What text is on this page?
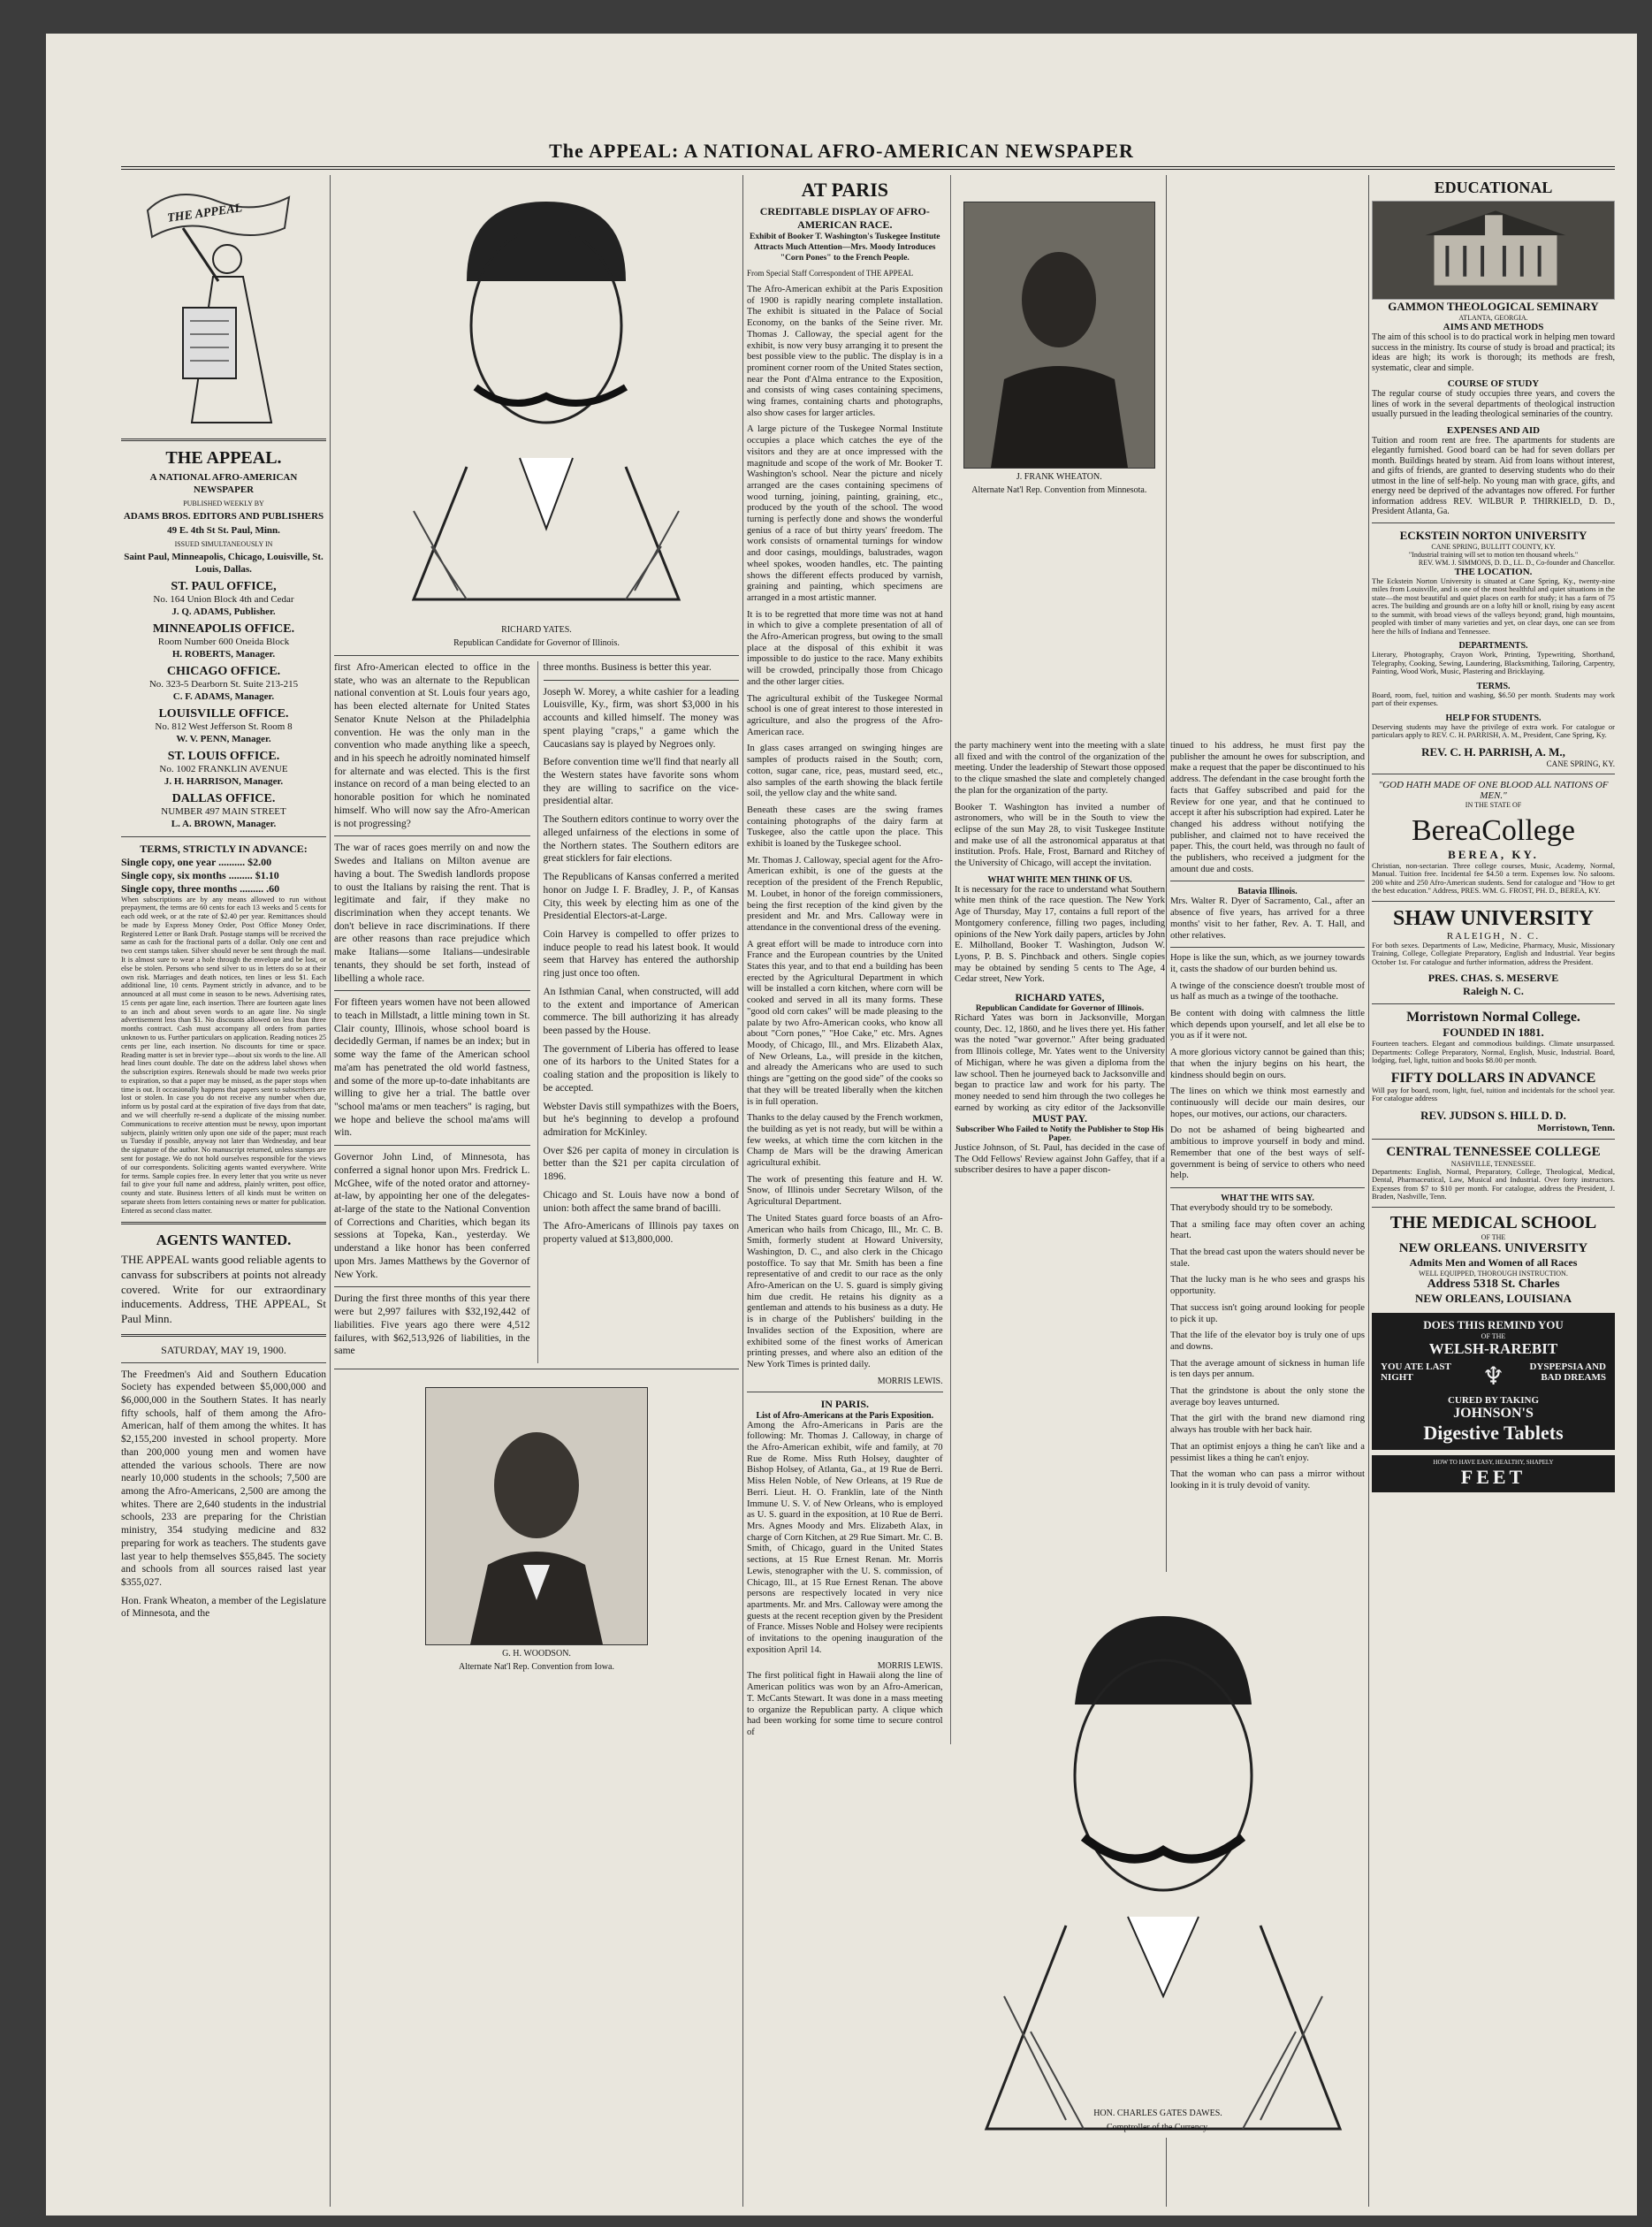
The APPEAL: A NATIONAL AFRO-AMERICAN NEWSPAPER
THE APPEAL
THE APPEAL.
A NATIONAL AFRO-AMERICAN NEWSPAPER
PUBLISHED WEEKLY BY
ADAMS BROS. EDITORS AND PUBLISHERS
49 E. 4th St St. Paul, Minn.
ISSUED SIMULTANEOUSLY IN
Saint Paul, Minneapolis, Chicago, Louisville, St. Louis, Dallas.
ST. PAUL OFFICE,
No. 164 Union Block 4th and Cedar
J. Q. ADAMS, Publisher.
MINNEAPOLIS OFFICE.
Room Number 600 Oneida Block
H. ROBERTS, Manager.
CHICAGO OFFICE.
No. 323-5 Dearborn St. Suite 213-215
C. F. ADAMS, Manager.
LOUISVILLE OFFICE.
No. 812 West Jefferson St. Room 8
W. V. PENN, Manager.
ST. LOUIS OFFICE.
No. 1002 FRANKLIN AVENUE
J. H. HARRISON, Manager.
DALLAS OFFICE.
NUMBER 497 MAIN STREET
L. A. BROWN, Manager.
TERMS, STRICTLY IN ADVANCE:
Single copy, one year .......... $2.00
Single copy, six months ......... $1.10
Single copy, three months ......... .60

When subscriptions are by any means allowed to run without prepayment, the terms are 60 cents for each 13 weeks and 5 cents for each odd week, or at the rate of $2.40 per year. Remittances should be made by Express Money Order, Post Office Money Order, Registered Letter or Bank Draft. Postage stamps will be received the same as cash for the fractional parts of a dollar. Only one cent and two cent stamps taken. Silver should never be sent through the mail. It is almost sure to wear a hole through the envelope and be lost, or else be stolen. Persons who send silver to us in letters do so at their own risk. Marriages and death notices, ten lines or less $1. Each additional line, 10 cents. Payment strictly in advance, and to be announced at all must come in season to be news. Advertising rates, 15 cents per agate line, each insertion. There are fourteen agate lines to an inch and about seven words to an agate line. No single advertisement less than $1. No discounts allowed on less than three months contract. Cash must accompany all orders from parties unknown to us. Further particulars on application. Reading notices 25 cents per line, each insertion. No discounts for time or space. Reading matter is set in brevier type—about six words to the line. All head lines count double. The date on the address label shows when the subscription expires. Renewals should be made two weeks prior to expiration, so that a paper may be missed, as the paper stops when time is out. It occasionally happens that papers sent to subscribers are lost or stolen. In case you do not receive any number when due, inform us by postal card at the expiration of five days from that date, and we will cheerfully re-send a duplicate of the missing number. Communications to receive attention must be newsy, upon important subjects, plainly written only upon one side of the paper; must reach us Tuesday if possible, anyway not later than Wednesday, and bear the signature of the author. No manuscript returned, unless stamps are sent for postage. We do not hold ourselves responsible for the views of our correspondents. Soliciting agents wanted everywhere. Write for terms. Sample copies free. In every letter that you write us never fail to give your full name and address, plainly written, post office, county and state. Business letters of all kinds must be written on separate sheets from letters containing news or matter for publication. Entered as second class matter.

AGENTS WANTED.

THE APPEAL wants good reliable agents to canvass for subscribers at points not already covered. Write for our extraordinary inducements. Address, THE APPEAL, St Paul Minn.

SATURDAY, MAY 19, 1900.

The Freedmen's Aid and Southern Education Society has expended between $5,000,000 and $6,000,000 in the Southern States. It has nearly fifty schools, half of them among the Afro-American, half of them among the whites. It has $2,155,200 invested in school property. More than 200,000 young men and women have attended the various schools. There are now nearly 10,000 students in the schools; 7,500 are among the Afro-Americans, 2,500 are among the whites. There are 2,640 students in the industrial schools, 233 are preparing for the Christian ministry, 354 studying medicine and 832 preparing for work as teachers. The students gave last year to help themselves $55,845. The society and schools from all sources raised last year $355,027.

Hon. Frank Wheaton, a member of the Legislature of Minnesota, and the

RICHARD YATES.
Republican Candidate for Governor of Illinois.

first Afro-American elected to office in the state, who was an alternate to the Republican national convention at St. Louis four years ago, has been elected alternate for United States Senator Knute Nelson at the Philadelphia convention. He was the only man in the convention who made anything like a speech, and in his speech he adroitly nominated himself for alternate and was elected. This is the first instance on record of a man being elected to an honorable position for which he nominated himself. Who will now say the Afro-American is not progressing?

The war of races goes merrily on and now the Swedes and Italians on Milton avenue are having a bout. The Swedish landlords propose to oust the Italians by raising the rent. That is legitimate and fair, if they make no discrimination when they accept tenants. We don't believe in race discriminations. If there are other reasons than race prejudice which make Italians—some Italians—undesirable tenants, they should be set forth, instead of libelling a whole race.

For fifteen years women have not been allowed to teach in Millstadt, a little mining town in St. Clair county, Illinois, whose school board is decidedly German, if names be an index; but in some way the fame of the American school ma'am has penetrated the old world fastness, and some of the more up-to-date inhabitants are willing to give her a trial. The battle over "school ma'ams or men teachers" is raging, but we hope and believe the school ma'ams will win.

Governor John Lind, of Minnesota, has conferred a signal honor upon Mrs. Fredrick L. McGhee, wife of the noted orator and attorney-at-law, by appointing her one of the delegates-at-large of the state to the National Convention of Corrections and Charities, which began its sessions at Topeka, Kan., yesterday. We understand a like honor has been conferred upon Mrs. James Matthews by the Governor of New York.

During the first three months of this year there were but 2,997 failures with $32,192,442 of liabilities. Five years ago there were 4,512 failures, with $62,513,926 of liabilities, in the same

three months. Business is better this year.

Joseph W. Morey, a white cashier for a leading Louisville, Ky., firm, was short $3,000 in his accounts and killed himself. The money was spent playing "craps," a game which the Caucasians say is played by Negroes only.

Before convention time we'll find that nearly all the Western states have favorite sons whom they are willing to sacrifice on the vice-presidential altar.

The Southern editors continue to worry over the alleged unfairness of the elections in some of the Northern states. The Southern editors are great sticklers for fair elections.

The Republicans of Kansas conferred a merited honor on Judge I. F. Bradley, J. P., of Kansas City, this week by electing him as one of the Presidential Electors-at-Large.

Coin Harvey is compelled to offer prizes to induce people to read his latest book. It would seem that Harvey has entered the authorship ring just once too often.

An Isthmian Canal, when constructed, will add to the extent and importance of American commerce. The bill authorizing it has already been passed by the House.

The government of Liberia has offered to lease one of its harbors to the United States for a coaling station and the proposition is likely to be accepted.

Webster Davis still sympathizes with the Boers, but he's beginning to develop a profound admiration for McKinley.

Over $26 per capita of money in circulation is better than the $21 per capita circulation of 1896.

Chicago and St. Louis have now a bond of union: both affect the same brand of bacilli.

The Afro-Americans of Illinois pay taxes on property valued at $13,800,000.

G. H. WOODSON.
Alternate Nat'l Rep. Convention from Iowa.
AT PARIS
CREDITABLE DISPLAY OF AFRO-AMERICAN RACE.

Exhibit of Booker T. Washington's Tuskegee Institute Attracts Much Attention—Mrs. Moody Introduces "Corn Pones" to the French People.

From Special Staff Correspondent of THE APPEAL

The Afro-American exhibit at the Paris Exposition of 1900 is rapidly nearing complete installation. The exhibit is situated in the Palace of Social Economy, on the banks of the Seine river. Mr. Thomas J. Calloway, the special agent for the exhibit, is now very busy arranging it to present the best possible view to the public. The display is in a prominent corner room of the United States section, near the Pont d'Alma entrance to the Exposition, and consists of wing cases containing specimens, wing frames, containing charts and photographs, also show cases for larger articles.

A large picture of the Tuskegee Normal Institute occupies a place which catches the eye of the visitors and they are at once impressed with the magnitude and scope of the work of Mr. Booker T. Washington's school. Near the picture and nicely arranged are the cases containing specimens of wood turning, joining, painting, graining, etc., produced by the youth of the school. The wood turning is perfectly done and shows the wonderful genius of a race of but thirty years' freedom. The work consists of ornamental turnings for window and door casings, mouldings, balustrades, wagon wheel spokes, wooden handles, etc. The painting shows the different effects produced by varnish, graining and painting, which specimens are arranged in a most artistic manner.

It is to be regretted that more time was not at hand in which to give a complete presentation of all of the Afro-American progress, but owing to the small place at the disposal of this exhibit it was impossible to do justice to the race. Many exhibits will be crowded, principally those from Chicago and the other larger cities.

The agricultural exhibit of the Tuskegee Normal school is one of great interest to those interested in agriculture, and also the progress of the Afro-American race.

In glass cases arranged on swinging hinges are samples of products raised in the South; corn, cotton, sugar cane, rice, peas, mustard seed, etc., also samples of the earth showing the black fertile soil, the yellow clay and the white sand.

Beneath these cases are the swing frames containing photographs of the dairy farm at Tuskegee, also the cattle upon the place. This exhibit is loaned by the Tuskegee school.

Mr. Thomas J. Calloway, special agent for the Afro-American exhibit, is one of the guests at the reception of the president of the French Republic, M. Loubet, in honor of the foreign commissioners, being the first reception of the kind given by the president and Mr. and Mrs. Calloway were in attendance in the conventional dress of the evening.

A great effort will be made to introduce corn into France and the European countries by the United States this year, and to that end a building has been erected by the Agricultural Department in which will be installed a corn kitchen, where corn will be cooked and served in all its many forms. These "good old corn cakes" will be made pleasing to the palate by two Afro-American cooks, who know all about "Corn pones," "Hoe Cake," etc. Mrs. Agnes Moody, of Chicago, Ill., and Mrs. Elizabeth Alax, of New Orleans, La., will preside in the kitchen, and already the Americans who are used to such things are "getting on the good side" of the cooks so that they will be treated liberally when the kitchen is in full operation.

Thanks to the delay caused by the French workmen, the building as yet is not ready, but will be within a few weeks, at which time the corn kitchen in the Champ de Mars will be the drawing American agricultural exhibit.

The work of presenting this feature and H. W. Snow, of Illinois under Secretary Wilson, of the Agricultural Department.

The United States guard force boasts of an Afro-American who hails from Chicago, Ill., Mr. C. B. Smith, formerly student at Howard University, Washington, D. C., and also clerk in the Chicago postoffice. To say that Mr. Smith has been a fine representative of and credit to our race as the only Afro-American on the U. S. guard is simply giving him due credit. He retains his dignity as a gentleman and attends to his business as a duty. He is in charge of the Publishers' building in the Invalides section of the Exposition, where are exhibited some of the finest works of American printing presses, and where also an edition of the New York Times is printed daily.

MORRIS LEWIS.
IN PARIS.
List of Afro-Americans at the Paris Exposition.

Among the Afro-Americans in Paris are the following: Mr. Thomas J. Calloway, in charge of the Afro-American exhibit, wife and family, at 70 Rue de Rome. Miss Ruth Holsey, daughter of Bishop Holsey, of Atlanta, Ga., at 19 Rue de Berri. Miss Helen Noble, of New Orleans, at 19 Rue de Berri. Lieut. H. O. Franklin, late of the Ninth Immune U. S. V. of New Orleans, who is employed as U. S. guard in the exposition, at 10 Rue de Berri. Mrs. Agnes Moody and Mrs. Elizabeth Alax, in charge of Corn Kitchen, at 29 Rue Simart. Mr. C. B. Smith, of Chicago, guard in the United States sections, at 15 Rue Ernest Renan. Mr. Morris Lewis, stenographer with the U. S. commission, of Chicago, Ill., at 15 Rue Ernest Renan. The above persons are respectively located in very nice apartments. Mr. and Mrs. Calloway were among the guests at the recent reception given by the President of France. Misses Noble and Holsey were recipients of invitations to the opening inauguration of the exposition April 14.

MORRIS LEWIS.

The first political fight in Hawaii along the line of American politics was won by an Afro-American, T. McCants Stewart. It was done in a mass meeting to organize the Republican party. A clique which had been working for some time to secure control of

J. FRANK WHEATON.
Alternate Nat'l Rep. Convention from Minnesota.

the party machinery went into the meeting with a slate all fixed and with the control of the organization of the meeting. Under the leadership of Stewart those opposed to the clique smashed the slate and completely changed the plan for the organization of the party.

Booker T. Washington has invited a number of astronomers, who will be in the South to view the eclipse of the sun May 28, to visit Tuskegee Institute and make use of all the astronomical apparatus at that institution. Profs. Hale, Frost, Barnard and Ritchey of the University of Chicago, will accept the invitation.

WHAT WHITE MEN THINK OF US.

It is necessary for the race to understand what Southern white men think of the race question. The New York Age of Thursday, May 17, contains a full report of the Montgomery conference, filling two pages, including opinions of the New York daily papers, articles by John E. Milholland, Booker T. Washington, Judson W. Lyons, P. B. S. Pinchback and others. Single copies may be obtained by sending 5 cents to The Age, 4 Cedar street, New York.

RICHARD YATES,
Republican Candidate for Governor of Illinois.

Richard Yates was born in Jacksonville, Morgan county, Dec. 12, 1860, and he lives there yet. His father was the noted "war governor." After being graduated from Illinois college, Mr. Yates went to the University of Michigan, where he was given a diploma from the law school. Then he journeyed back to Jacksonville and began to practice law and work for his party. The money needed to send him through the two colleges he earned by working as city editor of the Jacksonville

MUST PAY.
Subscriber Who Failed to Notify the Publisher to Stop His Paper.

Justice Johnson, of St. Paul, has decided in the case of The Odd Fellows' Review against John Gaffey, that if a subscriber desires to have a paper discon-

tinued to his address, he must first pay the publisher the amount he owes for subscription, and make a request that the paper be discontinued to his address. The defendant in the case brought forth the facts that Gaffey subscribed and paid for the Review for one year, and that he continued to accept it after his subscription had expired. Later he changed his address without notifying the publisher, and claimed not to have received the paper. This, the court held, was through no fault of the publishers, who received a judgment for the amount due and costs.

Batavia Illinois.

Mrs. Walter R. Dyer of Sacramento, Cal., after an absence of five years, has arrived for a three months' visit to her father, Rev. A. T. Hall, and other relatives.

Hope is like the sun, which, as we journey towards it, casts the shadow of our burden behind us.

A twinge of the conscience doesn't trouble most of us half as much as a twinge of the toothache.

Be content with doing with calmness the little which depends upon yourself, and let all else be to you as if it were not.

A more glorious victory cannot be gained than this; that when the injury begins on his heart, the kindness should begin on ours.

The lines on which we think most earnestly and continuously will decide our main desires, our hopes, our motives, our actions, our characters.

Do not be ashamed of being bighearted and ambitious to improve yourself in body and mind. Remember that one of the best ways of self-government is being of service to others who need help.

WHAT THE WITS SAY.

That everybody should try to be somebody.

That a smiling face may often cover an aching heart.

That the bread cast upon the waters should never be stale.

That the lucky man is he who sees and grasps his opportunity.

That success isn't going around looking for people to pick it up.

That the life of the elevator boy is truly one of ups and downs.

That the average amount of sickness in human life is ten days per annum.

That the grindstone is about the only stone the average boy leaves unturned.

That the girl with the brand new diamond ring always has trouble with her back hair.

That an optimist enjoys a thing he can't like and a pessimist likes a thing he can't enjoy.

That the woman who can pass a mirror without looking in it is truly devoid of vanity.

HON. CHARLES GATES DAWES.
Comptroller of the Currency.
EDUCATIONAL
GAMMON THEOLOGICAL SEMINARY
ATLANTA, GEORGIA.
AIMS AND METHODS

The aim of this school is to do practical work in helping men toward success in the ministry. Its course of study is broad and practical; its ideas are high; its work is thorough; its methods are fresh, systematic, clear and simple.

COURSE OF STUDY

The regular course of study occupies three years, and covers the lines of work in the several departments of theological instruction usually pursued in the leading theological seminaries of the country.

EXPENSES AND AID

Tuition and room rent are free. The apartments for students are elegantly furnished. Good board can be had for seven dollars per month. Buildings heated by steam. Aid from loans without interest, and gifts of friends, are granted to deserving students who do their utmost in the line of self-help. No young man with grace, gifts, and energy need be deprived of the advantages now offered. For further information address REV. WILBUR P. THIRKIELD, D. D., President Atlanta, Ga.

ECKSTEIN NORTON UNIVERSITY
CANE SPRING, BULLITT COUNTY, KY.
"Industrial training will set to motion ten thousand wheels."
REV. WM. J. SIMMONS, D. D., LL. D., Co-founder and Chancellor.
THE LOCATION.

The Eckstein Norton University is situated at Cane Spring, Ky., twenty-nine miles from Louisville, and is one of the most healthful and quiet situations in the state—the most beautiful and quiet places on earth for study; it has a farm of 75 acres. The building and grounds are on a lofty hill or knoll, rising by easy ascent to the summit, with broad views of the valleys beyond; grand, high mountains, peopled with timber of many varieties and yet, on clear days, one can see from here the hills of Indiana and Tennessee.

DEPARTMENTS.

Literary, Photography, Crayon Work, Printing, Typewriting, Shorthand, Telegraphy, Cooking, Sewing, Laundering, Blacksmithing, Tailoring, Carpentry, Painting, Wood Work, Music, Plastering and Bricklaying.

TERMS.

Board, room, fuel, tuition and washing, $6.50 per month. Students may work part of their expenses.

HELP FOR STUDENTS.

Deserving students may have the privilege of extra work. For catalogue or particulars apply to REV. C. H. PARRISH, A. M., President, Cane Spring, Ky.

REV. C. H. PARRISH, A. M.,
CANE SPRING, KY.
"GOD HATH MADE OF ONE BLOOD ALL NATIONS OF MEN."
IN THE STATE OF
BereaCollege
BEREA, KY.

Christian, non-sectarian. Three college courses, Music, Academy, Normal, Manual. Tuition free. Incidental fee $4.50 a term. Expenses low. No saloons. 200 white and 250 Afro-American students. Send for catalogue and "How to get the best education." Address, PRES. WM. G. FROST, PH. D., BEREA, KY.

SHAW UNIVERSITY
RALEIGH, N. C.

For both sexes. Departments of Law, Medicine, Pharmacy, Music, Missionary Training, College, Collegiate Preparatory, English and Industrial. Year begins October 1st. For catalogue and further information, address the President.

PRES. CHAS. S. MESERVE
Raleigh N. C.
Morristown Normal College.
FOUNDED IN 1881.

Fourteen teachers. Elegant and commodious buildings. Climate unsurpassed. Departments: College Preparatory, Normal, English, Music, Industrial. Board, lodging, fuel, light, tuition and books $8.00 per month.

FIFTY DOLLARS IN ADVANCE

Will pay for board, room, light, fuel, tuition and incidentals for the school year. For catalogue address

REV. JUDSON S. HILL D. D.
Morristown, Tenn.
CENTRAL TENNESSEE COLLEGE
NASHVILLE, TENNESSEE.

Departments: English, Normal, Preparatory, College, Theological, Medical, Dental, Pharmaceutical, Law, Musical and Industrial. Over forty instructors. Expenses from $7 to $10 per month. For catalogue, address the President, J. Braden, Nashville, Tenn.

THE MEDICAL SCHOOL
OF THE
NEW ORLEANS. UNIVERSITY
Admits Men and Women of all Races
WELL EQUIPPED, THOROUGH INSTRUCTION.
Address 5318 St. Charles
NEW ORLEANS, LOUISIANA
DOES THIS REMIND YOU
OF THE
WELSH-RAREBIT
YOU ATE LAST NIGHT	♆	DYSPEPSIA AND BAD DREAMS
CURED BY TAKING
JOHNSON'S
Digestive Tablets
HOW TO HAVE EASY, HEALTHY, SHAPELY
FEET
